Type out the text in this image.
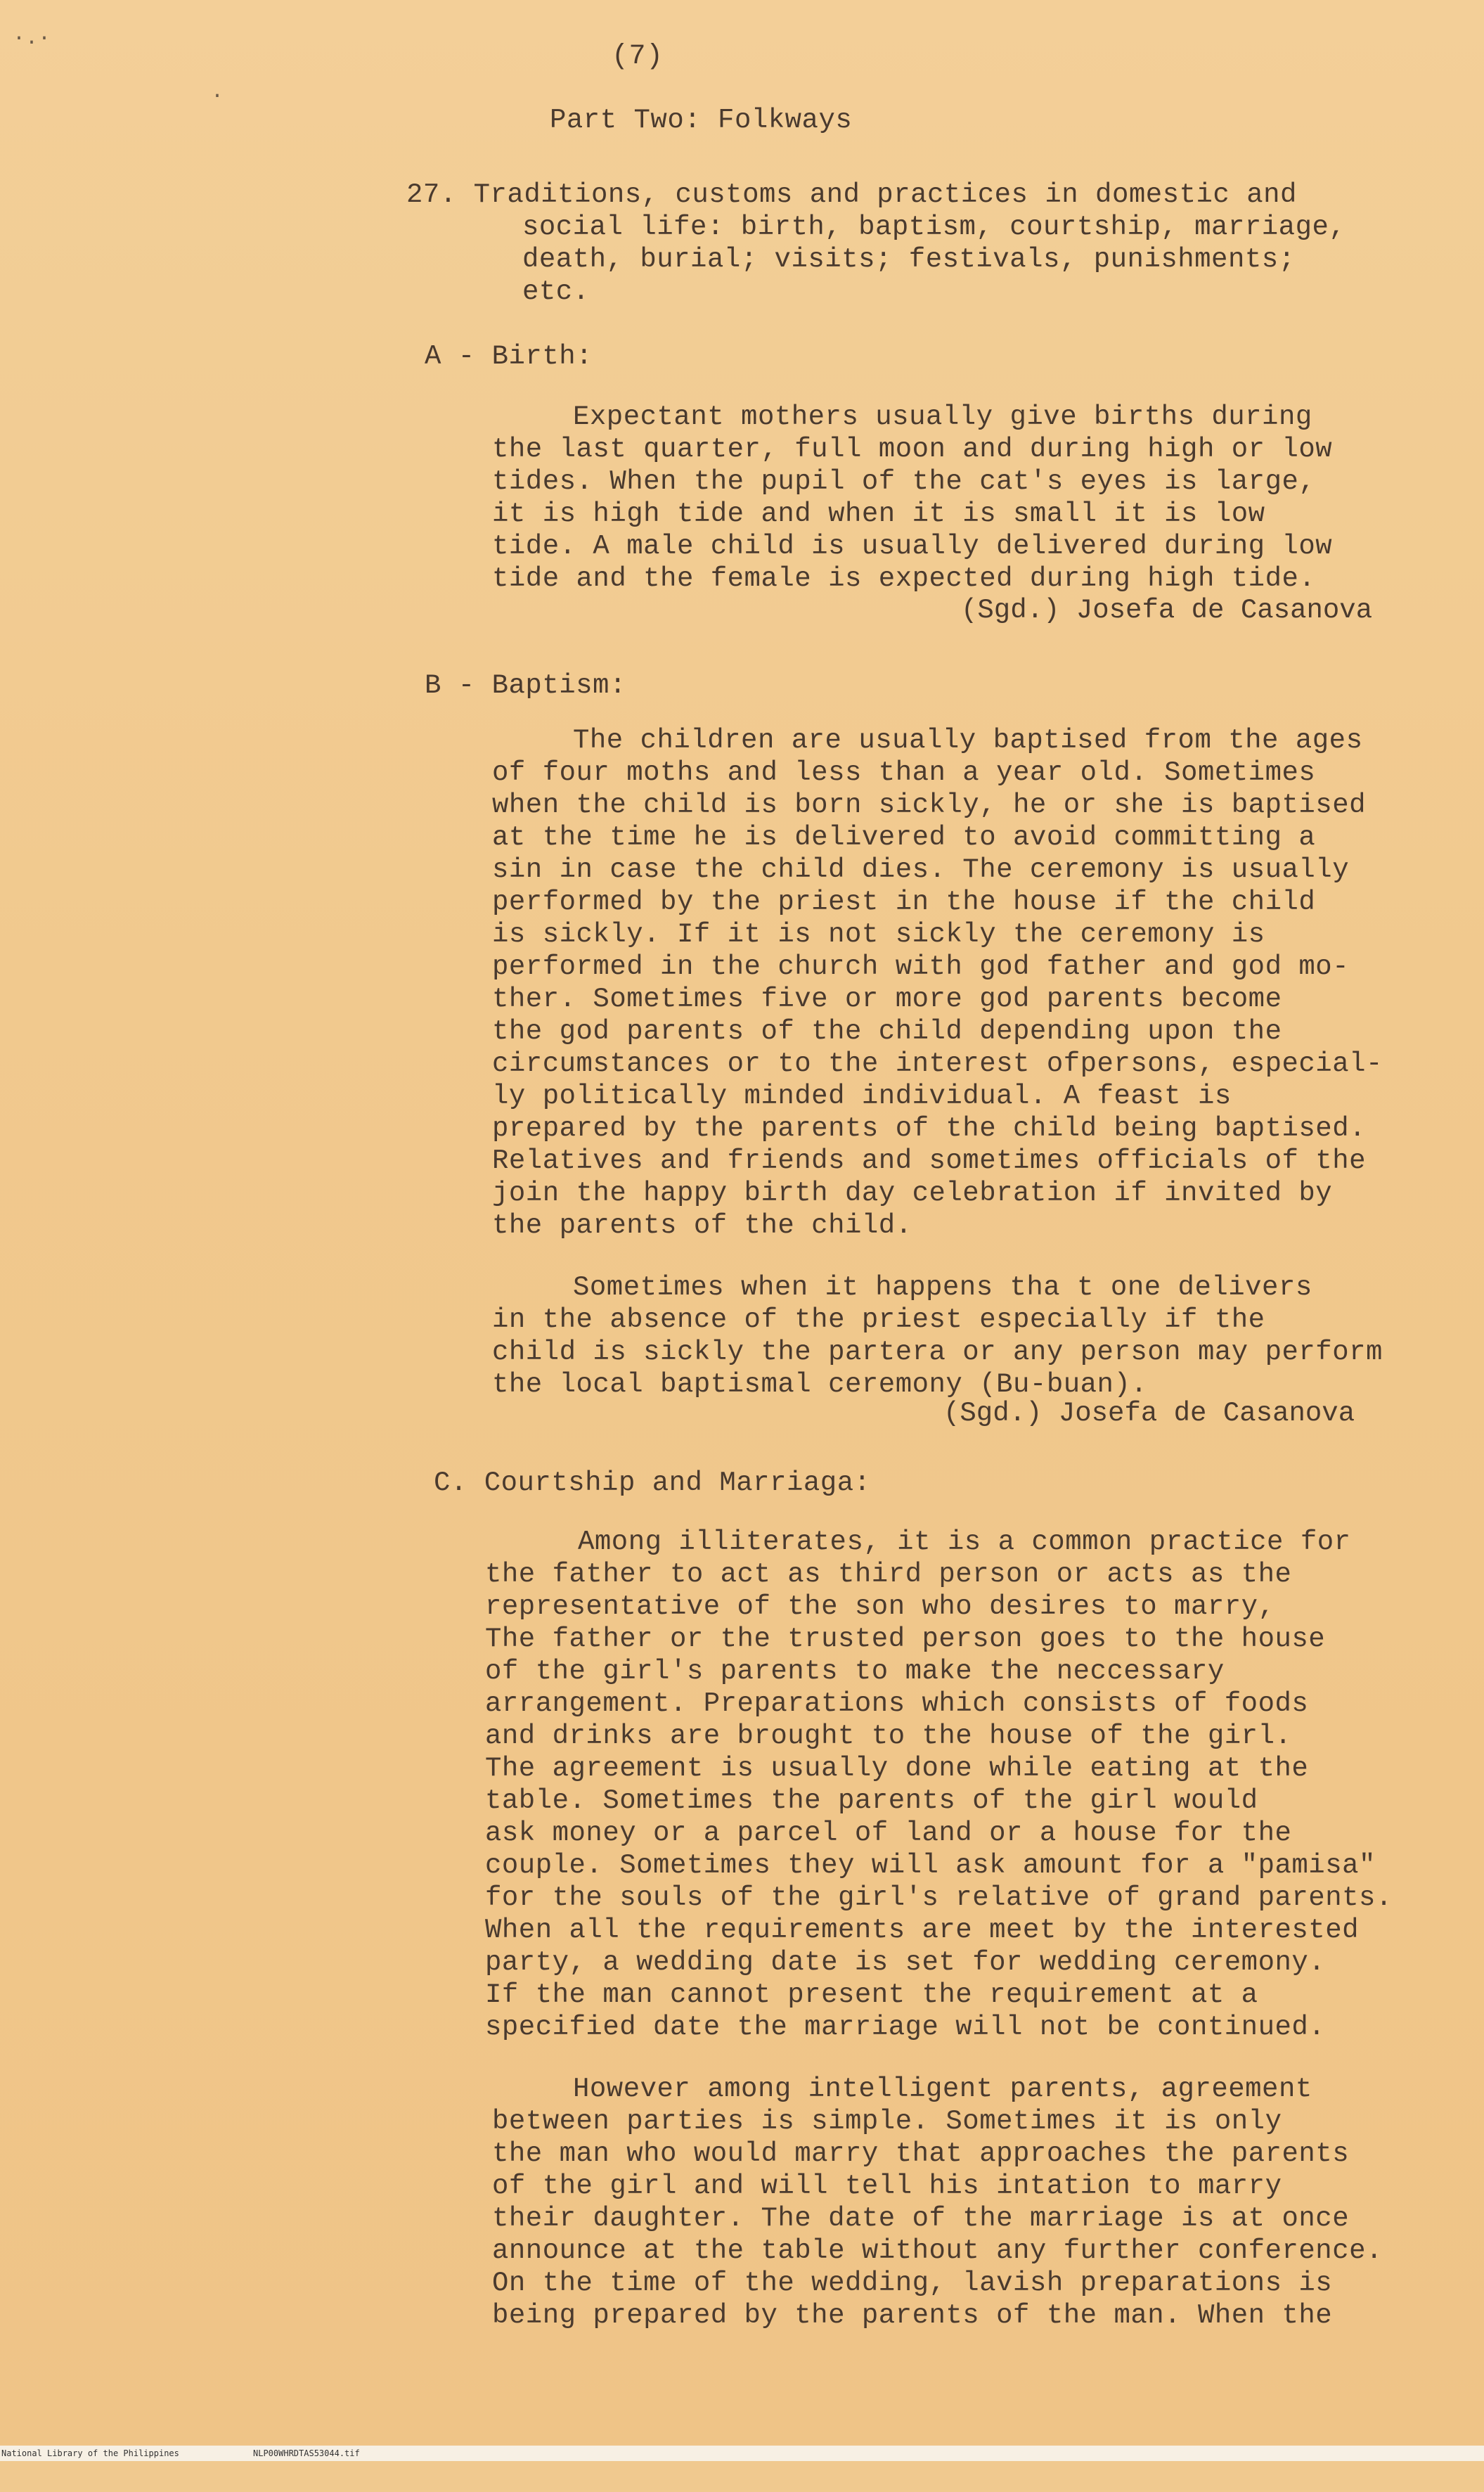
·.·
·
(7)
Part Two: Folkways
27. Traditions, customs and practices in domestic and
social life: birth, baptism, courtship, marriage,
death, burial; visits; festivals, punishments;
etc.
A - Birth:
Expectant mothers usually give births during
the last quarter, full moon and during high or low
tides. When the pupil of the cat's eyes is large,
it is high tide and when it is small it is low
tide. A male child is usually delivered during low
tide and the female is expected during high tide.
(Sgd.) Josefa de Casanova
B - Baptism:
The children are usually baptised from the ages
of four moths and less than a year old. Sometimes
when the child is born sickly, he or she is baptised
at the time he is delivered to avoid committing a
sin in case the child dies. The ceremony is usually
performed by the priest in the house if the child
is sickly. If it is not sickly the ceremony is
performed in the church with god father and god mo-
ther. Sometimes five or more god parents become
the god parents of the child depending upon the
circumstances or to the interest ofpersons, especial-
ly politically minded individual. A feast is
prepared by the parents of the child being baptised.
Relatives and friends and sometimes officials of the
join the happy birth day celebration if invited by
the parents of the child.
Sometimes when it happens tha t one delivers
in the absence of the priest especially if the
child is sickly the partera or any person may perform
the local baptismal ceremony (Bu-buan).
(Sgd.) Josefa de Casanova
C. Courtship and Marriaga:
Among illiterates, it is a common practice for
the father to act as third person or acts as the
representative of the son who desires to marry,
The father or the trusted person goes to the house
of the girl's parents to make the neccessary
arrangement. Preparations which consists of foods
and drinks are brought to the house of the girl.
The agreement is usually done while eating at the
table. Sometimes the parents of the girl would
ask money or a parcel of land or a house for the
couple. Sometimes they will ask amount for a "pamisa"
for the souls of the girl's relative of grand parents.
When all the requirements are meet by the interested
party, a wedding date is set for wedding ceremony.
If the man cannot present the requirement at a
specified date the marriage will not be continued.
However among intelligent parents, agreement
between parties is simple. Sometimes it is only
the man who would marry that approaches the parents
of the girl and will tell his intation to marry
their daughter. The date of the marriage is at once
announce at the table without any further conference.
On the time of the wedding, lavish preparations is
being prepared by the parents of the man. When the

National Library of the Philippines

	NLP00WHRDTAS53044.tif
